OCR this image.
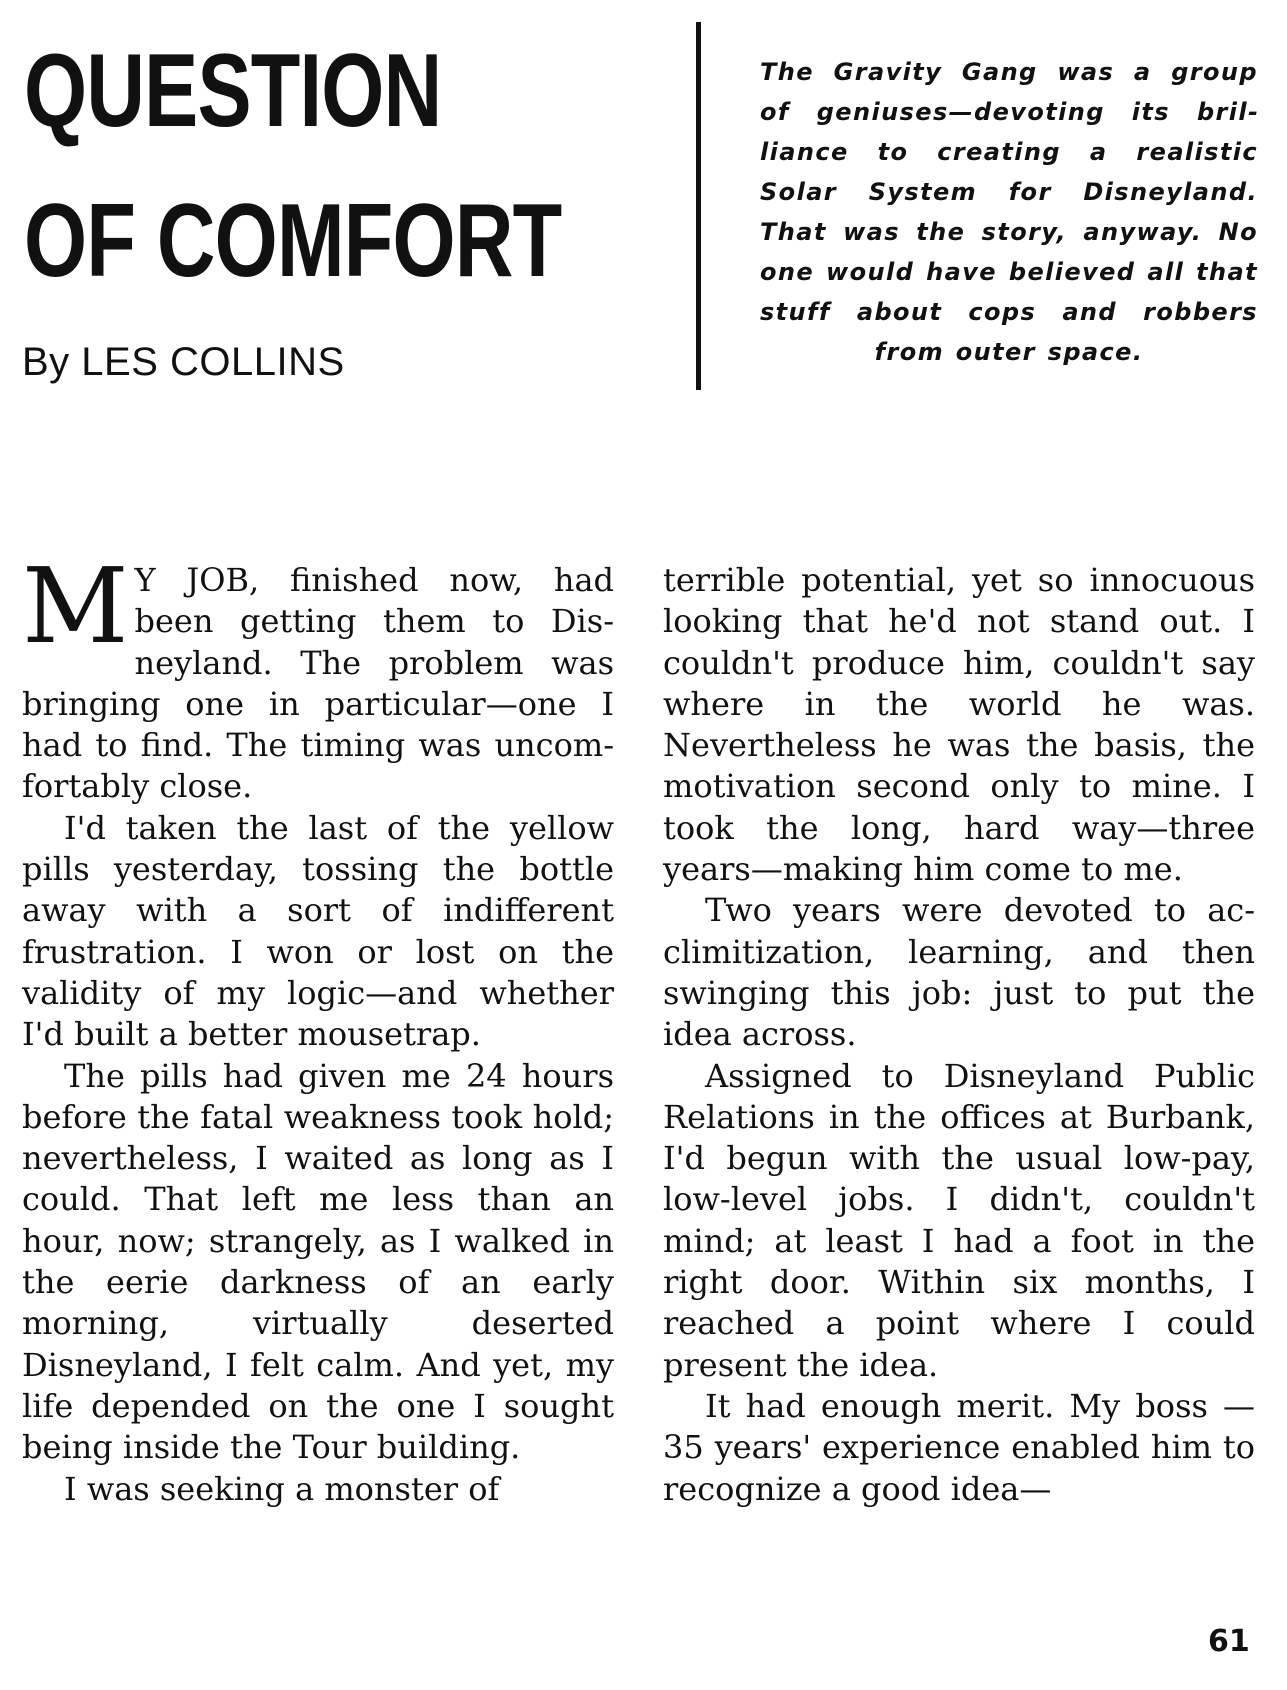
QUESTION
OF COMFORT
By LES COLLINS
The Gravity Gang was a group of geniuses—devoting its brilliance to creating a realistic Solar System for Disneyland. That was the story, anyway. No one would have believed all that stuff about cops and robbers from outer space.

M Y JOB, finished now, had been getting them to Disneyland. The problem was bringing one in particular—one I had to find. The timing was uncomfortably close.

I'd taken the last of the yellow pills yesterday, tossing the bottle away with a sort of indifferent frustration. I won or lost on the validity of my logic—and whether I'd built a better mousetrap.

The pills had given me 24 hours before the fatal weakness took hold; nevertheless, I waited as long as I could. That left me less than an hour, now; strangely, as I walked in the eerie darkness of an early morning, virtually deserted Disneyland, I felt calm. And yet, my life depended on the one I sought being inside the Tour building.

I was seeking a monster of

terrible potential, yet so innocuous looking that he'd not stand out. I couldn't produce him, couldn't say where in the world he was. Nevertheless he was the basis, the motivation second only to mine. I took the long, hard way—three years—making him come to me.

Two years were devoted to acclimitization, learning, and then swinging this job: just to put the idea across.

Assigned to Disneyland Public Relations in the offices at Burbank, I'd begun with the usual low-pay, low-level jobs. I didn't, couldn't mind; at least I had a foot in the right door. Within six months, I reached a point where I could present the idea.

It had enough merit. My boss —35 years' experience enabled him to recognize a good idea—

61
